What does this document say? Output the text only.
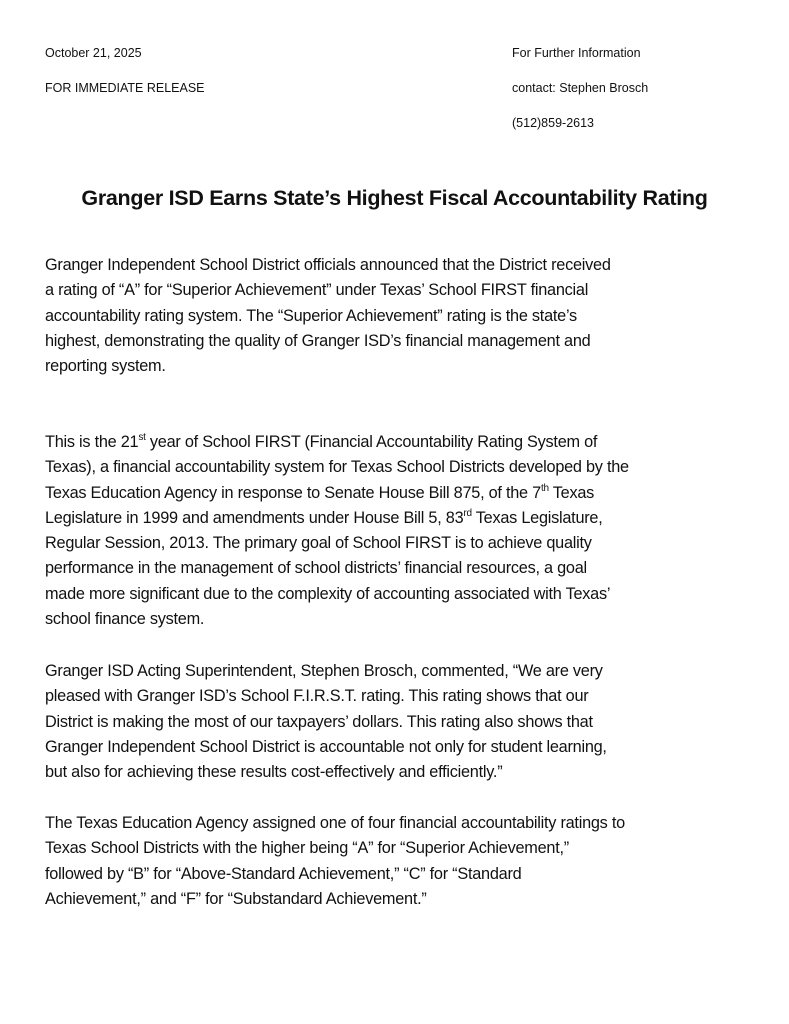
October 21, 2025
FOR IMMEDIATE RELEASE
For Further Information
contact: Stephen Brosch
(512)859-2613
Granger ISD Earns State’s Highest Fiscal Accountability Rating
Granger Independent School District officials announced that the District received
a rating of “A” for “Superior Achievement” under Texas’ School FIRST financial
accountability rating system. The “Superior Achievement” rating is the state’s
highest, demonstrating the quality of Granger ISD’s financial management and
reporting system.
This is the 21st year of School FIRST (Financial Accountability Rating System of
Texas), a financial accountability system for Texas School Districts developed by the
Texas Education Agency in response to Senate House Bill 875, of the 7th Texas
Legislature in 1999 and amendments under House Bill 5, 83rd Texas Legislature,
Regular Session, 2013. The primary goal of School FIRST is to achieve quality
performance in the management of school districts’ financial resources, a goal
made more significant due to the complexity of accounting associated with Texas’
school finance system.
Granger ISD Acting Superintendent, Stephen Brosch, commented, “We are very
pleased with Granger ISD’s School F.I.R.S.T. rating. This rating shows that our
District is making the most of our taxpayers’ dollars. This rating also shows that
Granger Independent School District is accountable not only for student learning,
but also for achieving these results cost-effectively and efficiently.”
The Texas Education Agency assigned one of four financial accountability ratings to
Texas School Districts with the higher being “A” for “Superior Achievement,”
followed by “B” for “Above-Standard Achievement,” “C” for “Standard
Achievement,” and “F” for “Substandard Achievement.”
